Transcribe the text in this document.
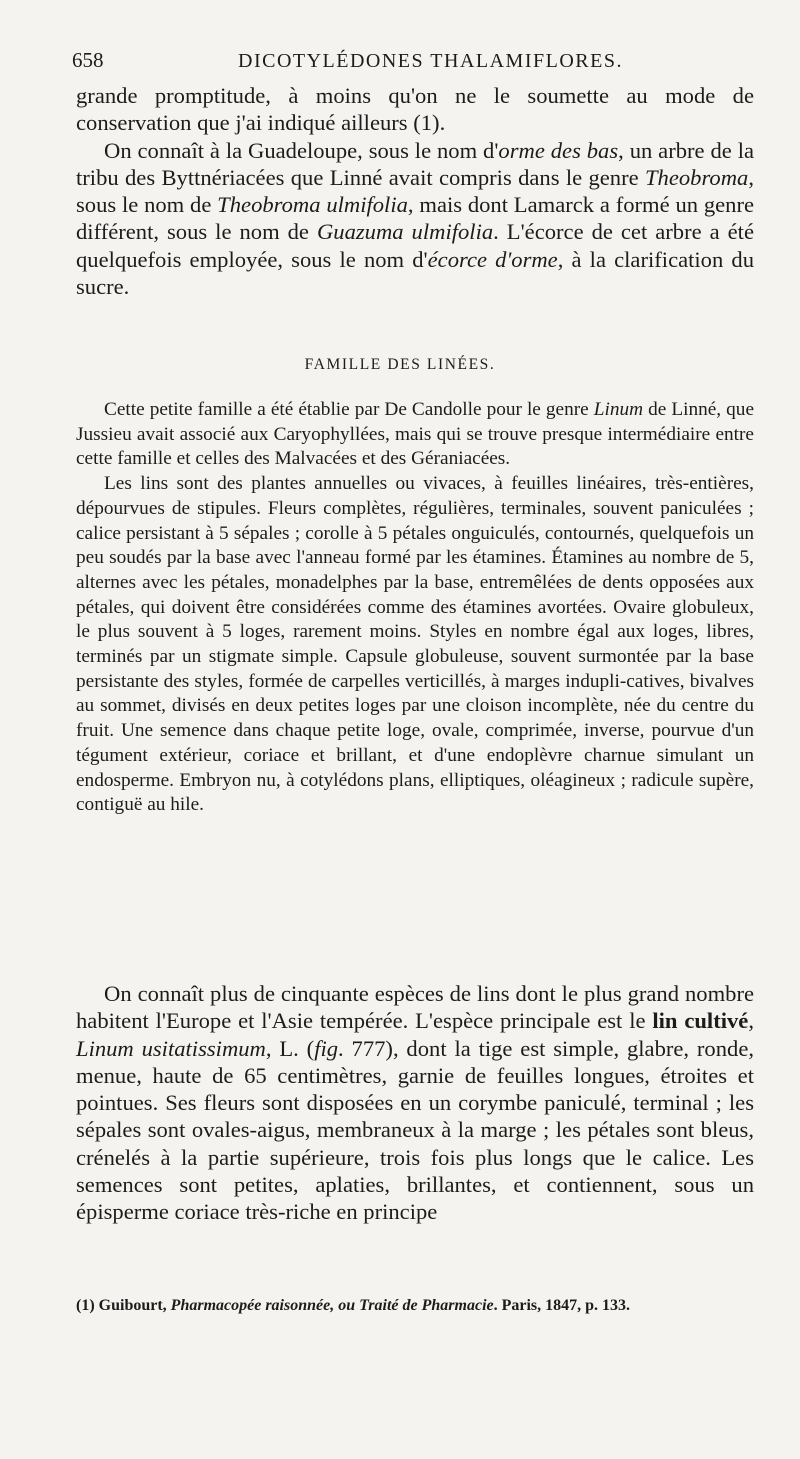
658	DICOTYLÉDONES THALAMIFLORES.

grande promptitude, à moins qu'on ne le soumette au mode de conservation que j'ai indiqué ailleurs (1).

On connaît à la Guadeloupe, sous le nom d'orme des bas, un arbre de la tribu des Byttnériacées que Linné avait compris dans le genre Theobroma, sous le nom de Theobroma ulmifolia, mais dont Lamarck a formé un genre différent, sous le nom de Guazuma ulmifolia. L'écorce de cet arbre a été quelquefois employée, sous le nom d'écorce d'orme, à la clarification du sucre.

FAMILLE DES LINÉES.

Cette petite famille a été établie par De Candolle pour le genre Linum de Linné, que Jussieu avait associé aux Caryophyllées, mais qui se trouve presque intermédiaire entre cette famille et celles des Malvacées et des Géraniacées.

Les lins sont des plantes annuelles ou vivaces, à feuilles linéaires, très-entières, dépourvues de stipules. Fleurs complètes, régulières, terminales, souvent paniculées ; calice persistant à 5 sépales ; corolle à 5 pétales onguiculés, contournés, quelquefois un peu soudés par la base avec l'anneau formé par les étamines. Étamines au nombre de 5, alternes avec les pétales, monadelphes par la base, entremêlées de dents opposées aux pétales, qui doivent être considérées comme des étamines avortées. Ovaire globuleux, le plus souvent à 5 loges, rarement moins. Styles en nombre égal aux loges, libres, terminés par un stigmate simple. Capsule globuleuse, souvent surmontée par la base persistante des styles, formée de carpelles verticillés, à marges indupli-catives, bivalves au sommet, divisés en deux petites loges par une cloison incomplète, née du centre du fruit. Une semence dans chaque petite loge, ovale, comprimée, inverse, pourvue d'un tégument extérieur, coriace et brillant, et d'une endoplèvre charnue simulant un endosperme. Embryon nu, à cotylédons plans, elliptiques, oléagineux ; radicule supère, contiguë au hile.

On connaît plus de cinquante espèces de lins dont le plus grand nombre habitent l'Europe et l'Asie tempérée. L'espèce principale est le lin cultivé, Linum usitatissimum, L. (fig. 777), dont la tige est simple, glabre, ronde, menue, haute de 65 centimètres, garnie de feuilles longues, étroites et pointues. Ses fleurs sont disposées en un corymbe paniculé, terminal ; les sépales sont ovales-aigus, membraneux à la marge ; les pétales sont bleus, crénelés à la partie supérieure, trois fois plus longs que le calice. Les semences sont petites, aplaties, brillantes, et contiennent, sous un épisperme coriace très-riche en principe

(1) Guibourt, Pharmacopée raisonnée, ou Traité de Pharmacie. Paris, 1847, p. 133.
